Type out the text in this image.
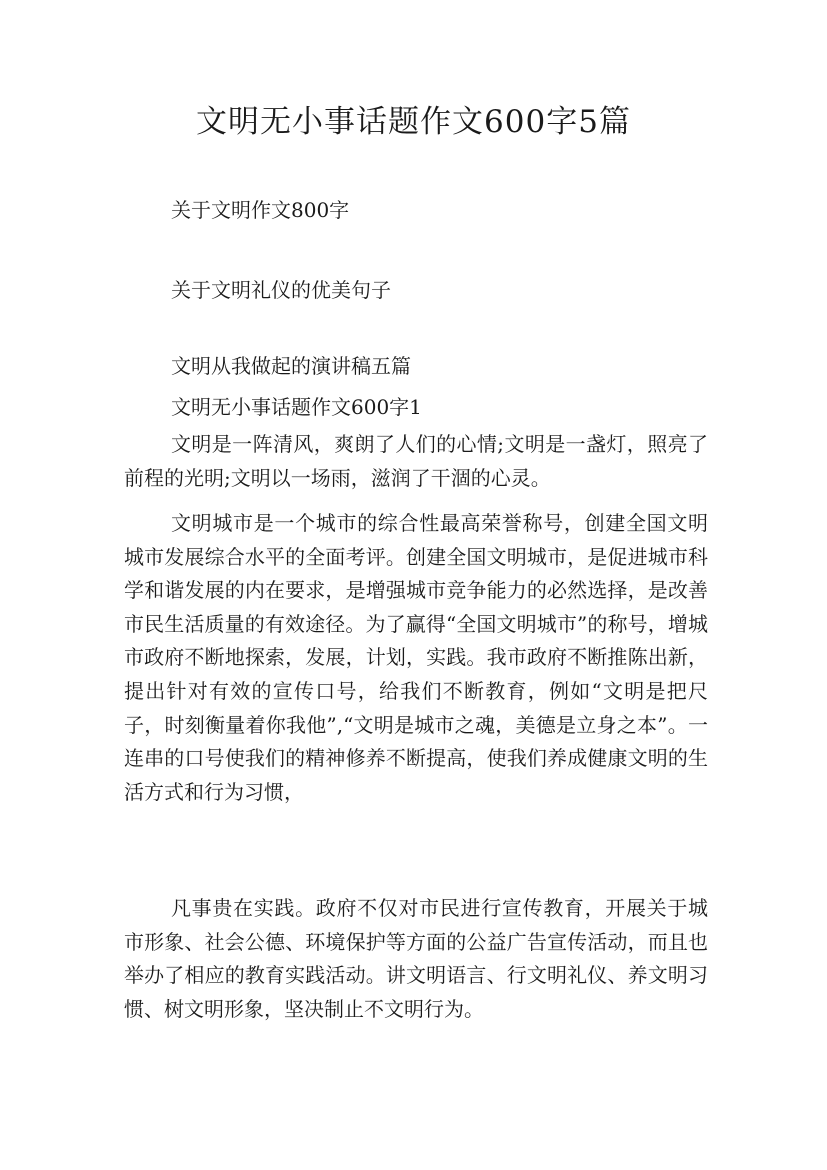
文明无小事话题作文600字5篇

关于文明作文800字

关于文明礼仪的优美句子

文明从我做起的演讲稿五篇

文明无小事话题作文600字1

文明是一阵清风，爽朗了人们的心情;文明是一盏灯，照亮了前程的光明;文明以一场雨，滋润了干涸的心灵。

文明城市是一个城市的综合性最高荣誉称号，创建全国文明城市发展综合水平的全面考评。创建全国文明城市，是促进城市科学和谐发展的内在要求，是增强城市竞争能力的必然选择，是改善市民生活质量的有效途径。为了赢得“全国文明城市”的称号，增城市政府不断地探索，发展，计划，实践。我市政府不断推陈出新，提出针对有效的宣传口号，给我们不断教育，例如“文明是把尺子，时刻衡量着你我他”,“文明是城市之魂，美德是立身之本”。一连串的口号使我们的精神修养不断提高，使我们养成健康文明的生活方式和行为习惯，

凡事贵在实践。政府不仅对市民进行宣传教育，开展关于城市形象、社会公德、环境保护等方面的公益广告宣传活动，而且也举办了相应的教育实践活动。讲文明语言、行文明礼仪、养文明习惯、树文明形象，坚决制止不文明行为。
